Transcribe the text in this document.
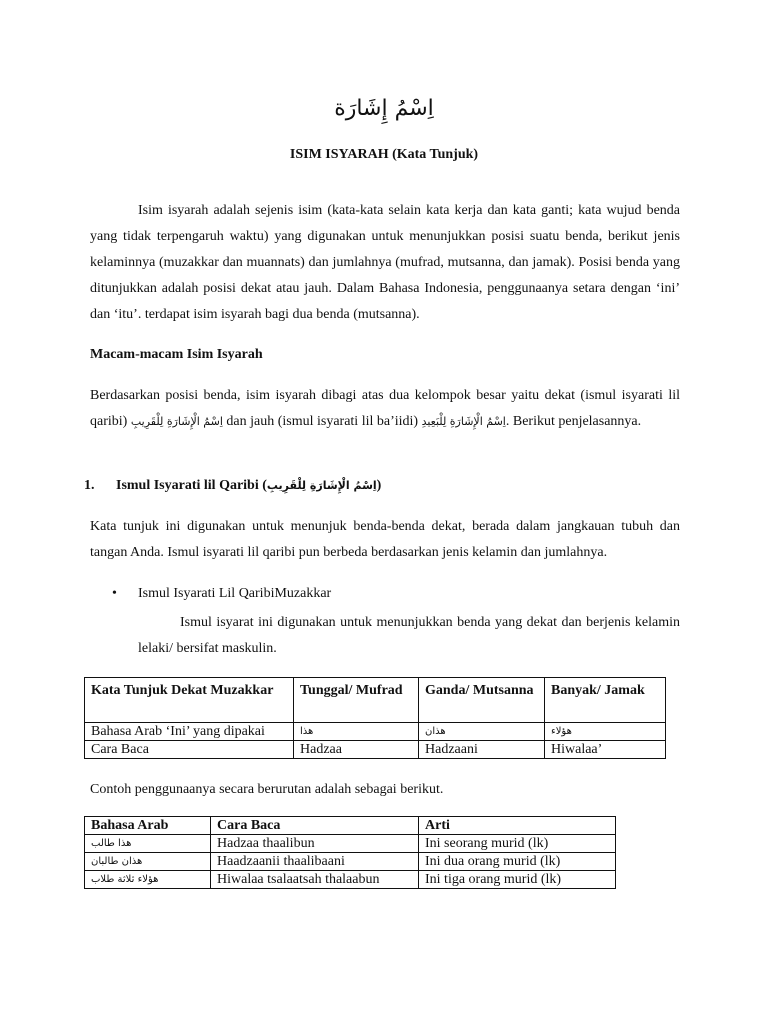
اِسْمُ إِشَارَة
ISIM ISYARAH (Kata Tunjuk)

Isim isyarah adalah sejenis isim (kata-kata selain kata kerja dan kata ganti; kata wujud benda yang tidak terpengaruh waktu) yang digunakan untuk menunjukkan posisi suatu benda, berikut jenis kelaminnya (muzakkar dan muannats) dan jumlahnya (mufrad, mutsanna, dan jamak). Posisi benda yang ditunjukkan adalah posisi dekat atau jauh. Dalam Bahasa Indonesia, penggunaanya setara dengan ‘ini’ dan ‘itu’. terdapat isim isyarah bagi dua benda (mutsanna).

Macam-macam Isim Isyarah

Berdasarkan posisi benda, isim isyarah dibagi atas dua kelompok besar yaitu dekat (ismul isyarati lil qaribi) اِسْمُ الْإِشَارَةِ لِلْقَرِيبِ dan jauh (ismul isyarati lil ba’iidi) اِسْمُ الْإِشَارَةِ لِلْبَعِيدِ. Berikut penjelasannya.

1. Ismul Isyarati lil Qaribi (اِسْمُ الْإِشَارَةِ لِلْقَرِيبِ)

Kata tunjuk ini digunakan untuk menunjuk benda-benda dekat, berada dalam jangkauan tubuh dan tangan Anda. Ismul isyarati lil qaribi pun berbeda berdasarkan jenis kelamin dan jumlahnya.

• Ismul Isyarati Lil QaribiMuzakkar

Ismul isyarat ini digunakan untuk menunjukkan benda yang dekat dan berjenis kelamin lelaki/ bersifat maskulin.

Kata Tunjuk Dekat Muzakkar	Tunggal/ Mufrad	Ganda/ Mutsanna	Banyak/ Jamak
Bahasa Arab ‘Ini’ yang dipakai	هذا	هذان	هؤلاء
Cara Baca	Hadzaa	Hadzaani	Hiwalaa’
Contoh penggunaanya secara berurutan adalah sebagai berikut.
Bahasa Arab	Cara Baca	Arti
هذا طالب	Hadzaa thaalibun	Ini seorang murid (lk)
هذان طالبان	Haadzaanii thaalibaani	Ini dua orang murid (lk)
هؤلاء ثلاثة طلاب	Hiwalaa tsalaatsah thalaabun	Ini tiga orang murid (lk)
